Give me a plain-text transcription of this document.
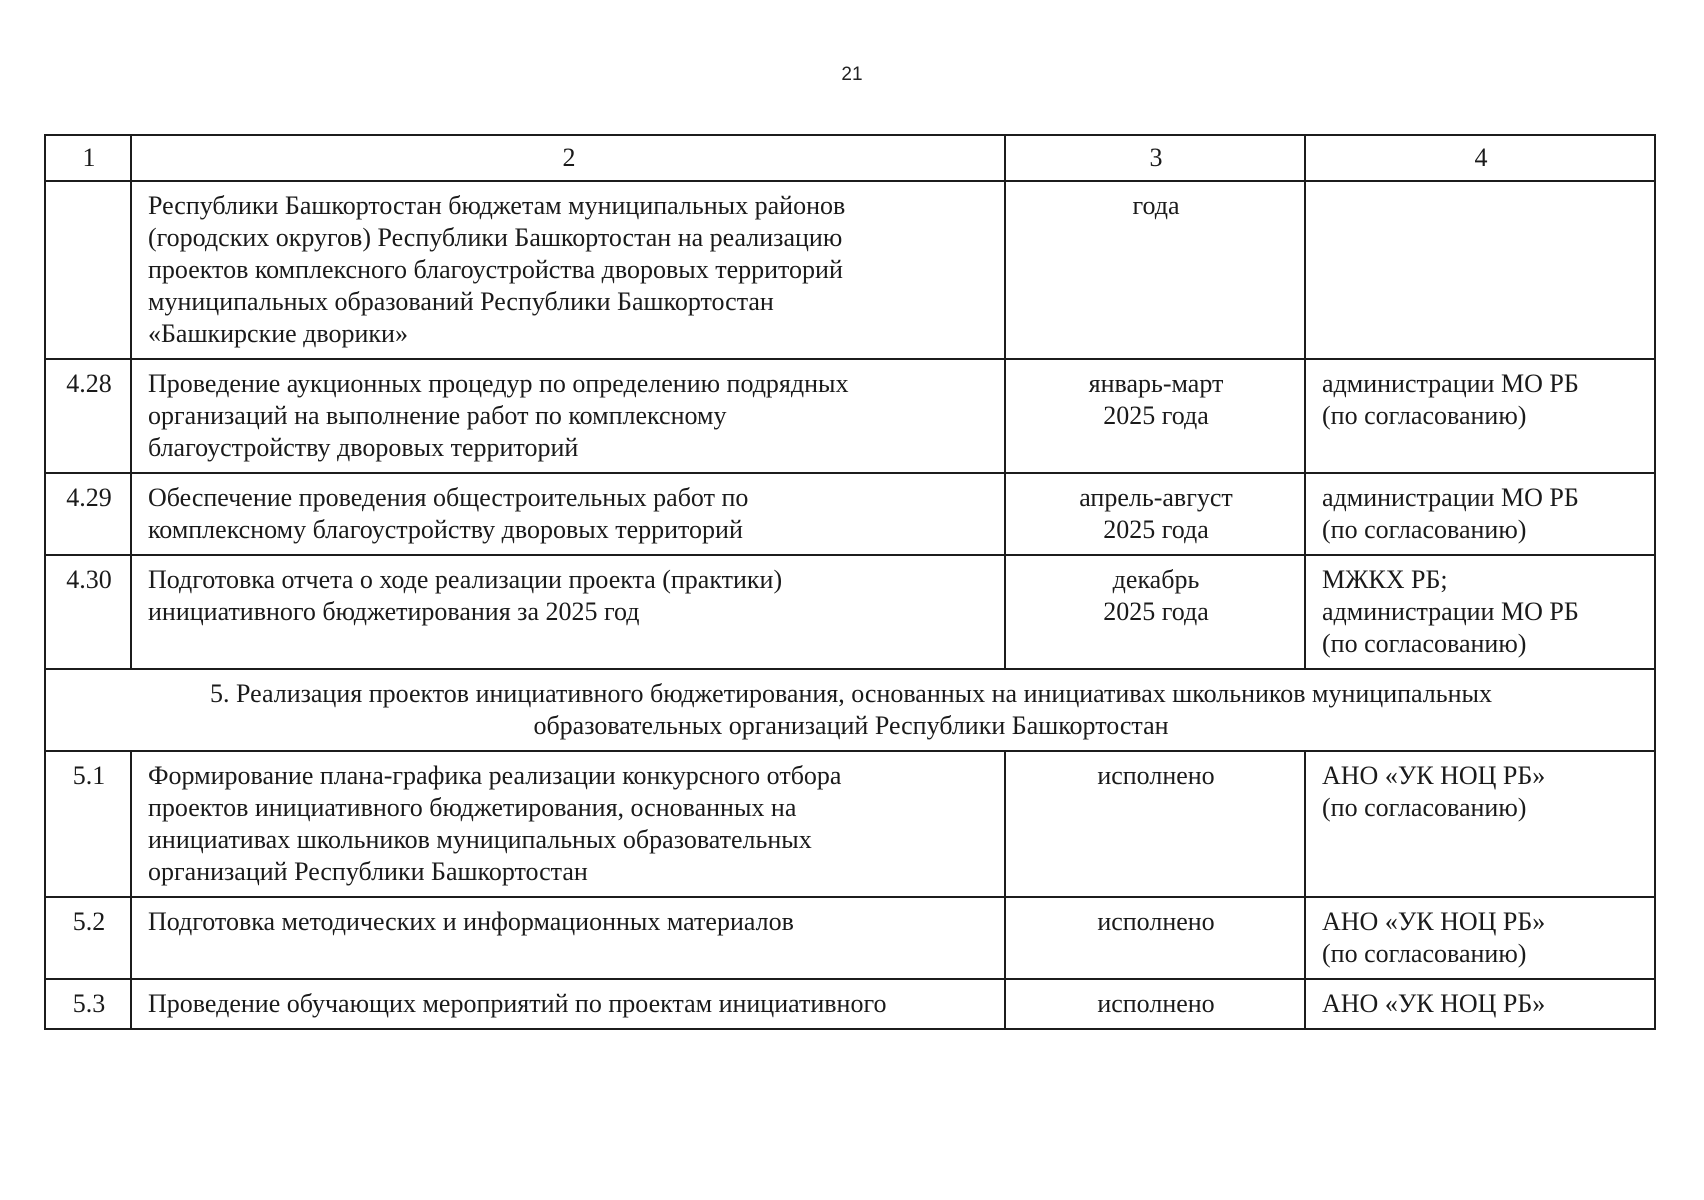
21
1	2	3	4

	Республики Башкортостан бюджетам муниципальных районов
(городских округов) Республики Башкортостан на реализацию
проектов комплексного благоустройства дворовых территорий
муниципальных образований Республики Башкортостан
«Башкирские дворики»	года	

4.28	Проведение аукционных процедур по определению подрядных
организаций на выполнение работ по комплексному
благоустройству дворовых территорий	январь-март
2025 года	администрации МО РБ
(по согласованию)

4.29	Обеспечение проведения общестроительных работ по
комплексному благоустройству дворовых территорий	апрель-август
2025 года	администрации МО РБ
(по согласованию)

4.30	Подготовка отчета о ходе реализации проекта (практики)
инициативного бюджетирования за 2025 год	декабрь
2025 года	МЖКХ РБ;
администрации МО РБ
(по согласованию)

5. Реализация проектов инициативного бюджетирования, основанных на инициативах школьников муниципальных
образовательных организаций Республики Башкортостан			

5.1	Формирование плана-графика реализации конкурсного отбора
проектов инициативного бюджетирования, основанных на
инициативах школьников муниципальных образовательных
организаций Республики Башкортостан	исполнено	АНО «УК НОЦ РБ»
(по согласованию)

5.2	Подготовка методических и информационных материалов	исполнено	АНО «УК НОЦ РБ»
(по согласованию)

5.3	Проведение обучающих мероприятий по проектам инициативного	исполнено	АНО «УК НОЦ РБ»
